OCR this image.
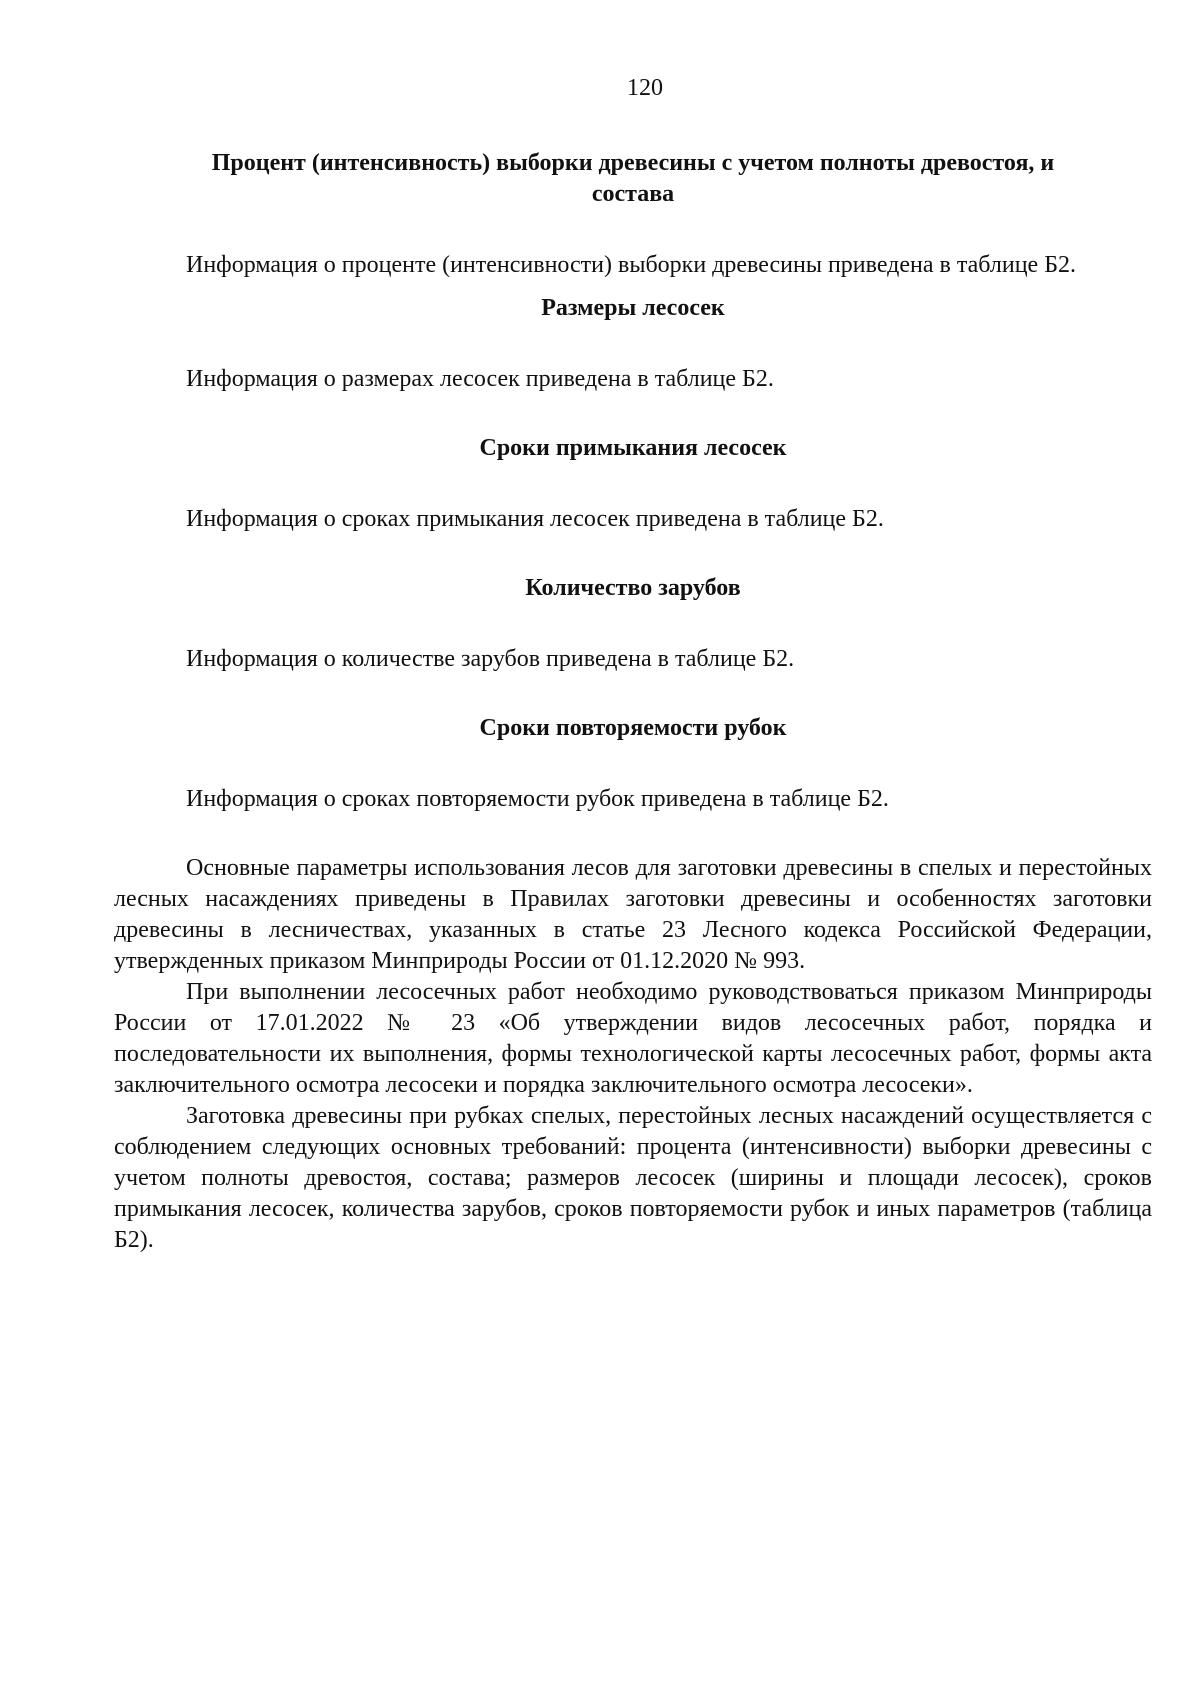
120
Процент (интенсивность) выборки древесины с учетом полноты древостоя, и состава

Информация о проценте (интенсивности) выборки древесины приведена в таблице Б2.

Размеры лесосек

Информация о размерах лесосек приведена в таблице Б2.

Сроки примыкания лесосек

Информация о сроках примыкания лесосек приведена в таблице Б2.

Количество зарубов

Информация о количестве зарубов приведена в таблице Б2.

Сроки повторяемости рубок

Информация о сроках повторяемости рубок приведена в таблице Б2.

Основные параметры использования лесов для заготовки древесины в спелых и перестойных лесных насаждениях приведены в Правилах заготовки древесины и особенностях заготовки древесины в лесничествах, указанных в статье 23 Лесного кодекса Российской Федерации, утвержденных приказом Минприроды России от 01.12.2020 № 993.

При выполнении лесосечных работ необходимо руководствоваться приказом Минприроды России от 17.01.2022 № 23 «Об утверждении видов лесосечных работ, порядка и последовательности их выполнения, формы технологической карты лесосечных работ, формы акта заключительного осмотра лесосеки и порядка заключительного осмотра лесосеки».

Заготовка древесины при рубках спелых, перестойных лесных насаждений осуществляется с соблюдением следующих основных требований: процента (интенсивности) выборки древесины с учетом полноты древостоя, состава; размеров лесосек (ширины и площади лесосек), сроков примыкания лесосек, количества зарубов, сроков повторяемости рубок и иных параметров (таблица Б2).
